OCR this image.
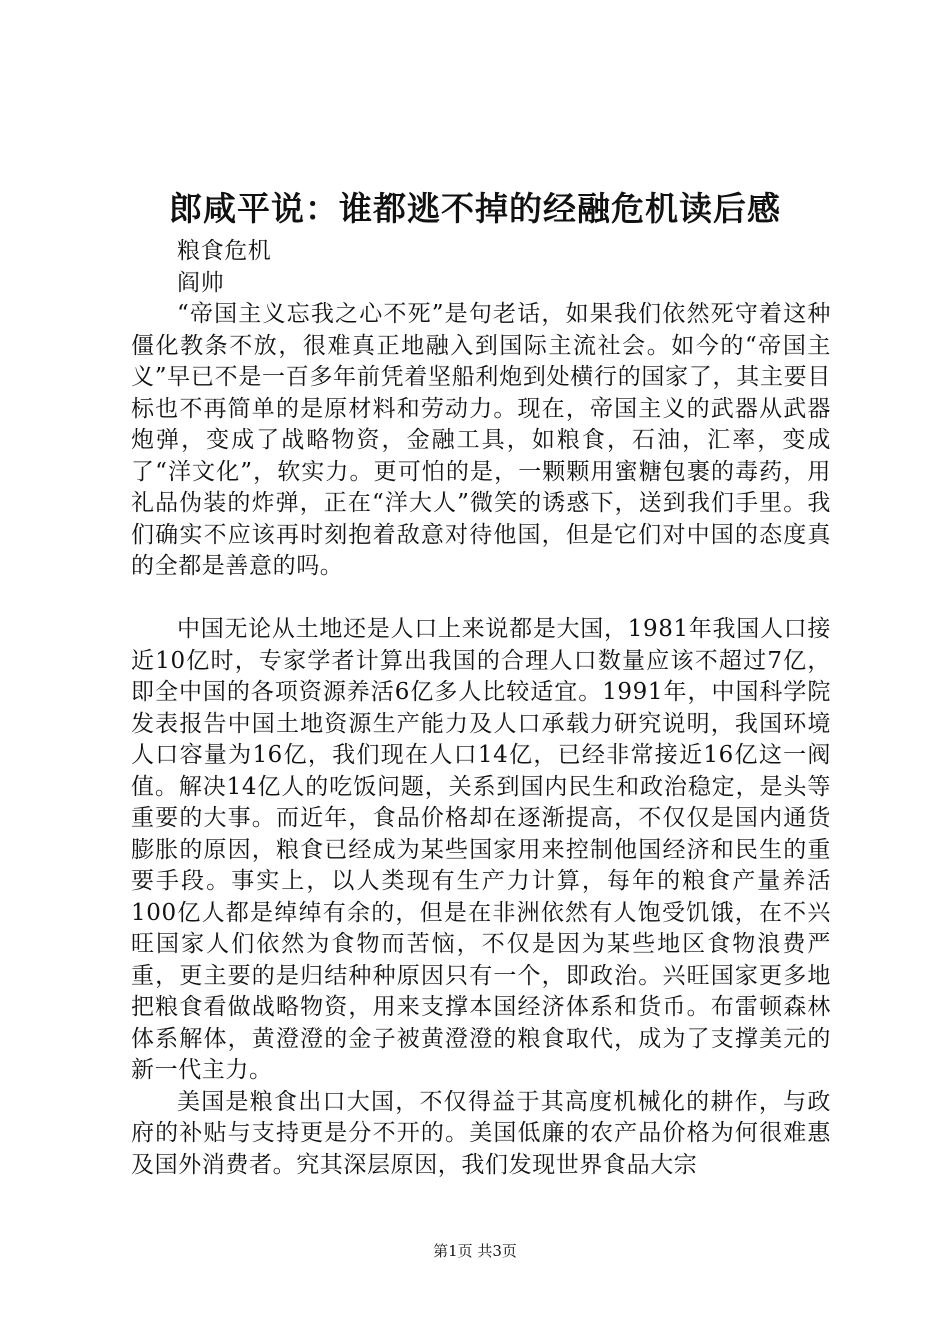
郎咸平说：谁都逃不掉的经融危机读后感

粮食危机

阎帅

“帝国主义忘我之心不死”是句老话，如果我们依然死守着这种僵化教条不放，很难真正地融入到国际主流社会。如今的“帝国主义”早已不是一百多年前凭着坚船利炮到处横行的国家了，其主要目标也不再简单的是原材料和劳动力。现在，帝国主义的武器从武器炮弹，变成了战略物资，金融工具，如粮食，石油，汇率，变成了“洋文化”，软实力。更可怕的是，一颗颗用蜜糖包裹的毒药，用礼品伪装的炸弹，正在“洋大人”微笑的诱惑下，送到我们手里。我们确实不应该再时刻抱着敌意对待他国，但是它们对中国的态度真的全都是善意的吗。

中国无论从土地还是人口上来说都是大国，1981年我国人口接近10亿时，专家学者计算出我国的合理人口数量应该不超过7亿，即全中国的各项资源养活6亿多人比较适宜。1991年，中国科学院发表报告中国土地资源生产能力及人口承载力研究说明，我国环境人口容量为16亿，我们现在人口14亿，已经非常接近16亿这一阀值。解决14亿人的吃饭问题，关系到国内民生和政治稳定，是头等重要的大事。而近年，食品价格却在逐渐提高，不仅仅是国内通货膨胀的原因，粮食已经成为某些国家用来控制他国经济和民生的重要手段。事实上，以人类现有生产力计算，每年的粮食产量养活100亿人都是绰绰有余的，但是在非洲依然有人饱受饥饿，在不兴旺国家人们依然为食物而苦恼，不仅是因为某些地区食物浪费严重，更主要的是归结种种原因只有一个，即政治。兴旺国家更多地把粮食看做战略物资，用来支撑本国经济体系和货币。布雷顿森林体系解体，黄澄澄的金子被黄澄澄的粮食取代，成为了支撑美元的新一代主力。

美国是粮食出口大国，不仅得益于其高度机械化的耕作，与政府的补贴与支持更是分不开的。美国低廉的农产品价格为何很难惠及国外消费者。究其深层原因，我们发现世界食品大宗

第1页 共3页
